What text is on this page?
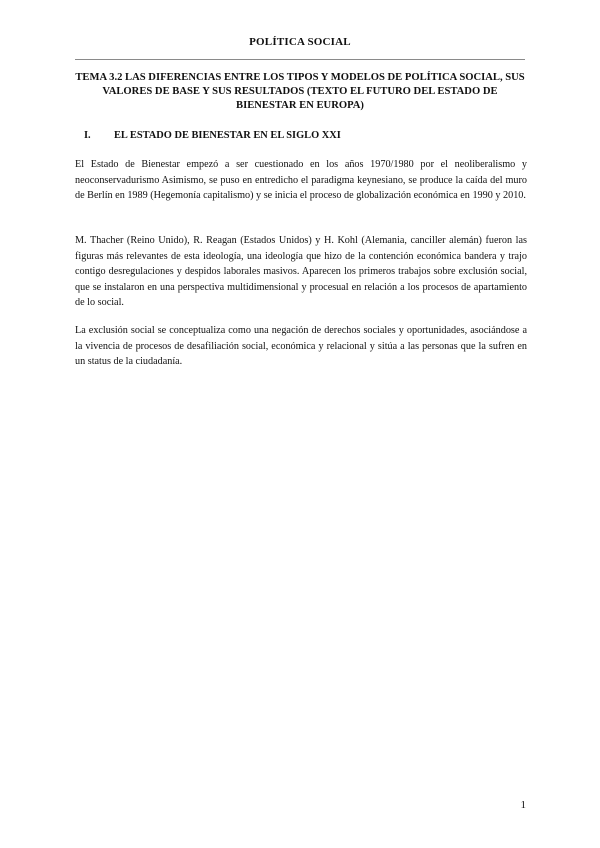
POLÍTICA SOCIAL
TEMA 3.2 LAS DIFERENCIAS ENTRE LOS TIPOS Y MODELOS DE POLÍTICA SOCIAL, SUS VALORES DE BASE Y SUS RESULTADOS (TEXTO EL FUTURO DEL ESTADO DE BIENESTAR EN EUROPA)
I. EL ESTADO DE BIENESTAR EN EL SIGLO XXI

El Estado de Bienestar empezó a ser cuestionado en los años 1970/1980 por el neoliberalismo y neoconservadurismo Asimismo, se puso en entredicho el paradigma keynesiano, se produce la caída del muro de Berlín en 1989 (Hegemonía capitalismo) y se inicia el proceso de globalización económica en 1990 y 2010.

M. Thacher (Reino Unido), R. Reagan (Estados Unidos) y H. Kohl (Alemania, canciller alemán) fueron las figuras más relevantes de esta ideología, una ideología que hizo de la contención económica bandera y trajo contigo desregulaciones y despidos laborales masivos. Aparecen los primeros trabajos sobre exclusión social, que se instalaron en una perspectiva multidimensional y procesual en relación a los procesos de apartamiento de lo social.

La exclusión social se conceptualiza como una negación de derechos sociales y oportunidades, asociándose a la vivencia de procesos de desafiliación social, económica y relacional y sitúa a las personas que la sufren en un status de la ciudadanía.

1
